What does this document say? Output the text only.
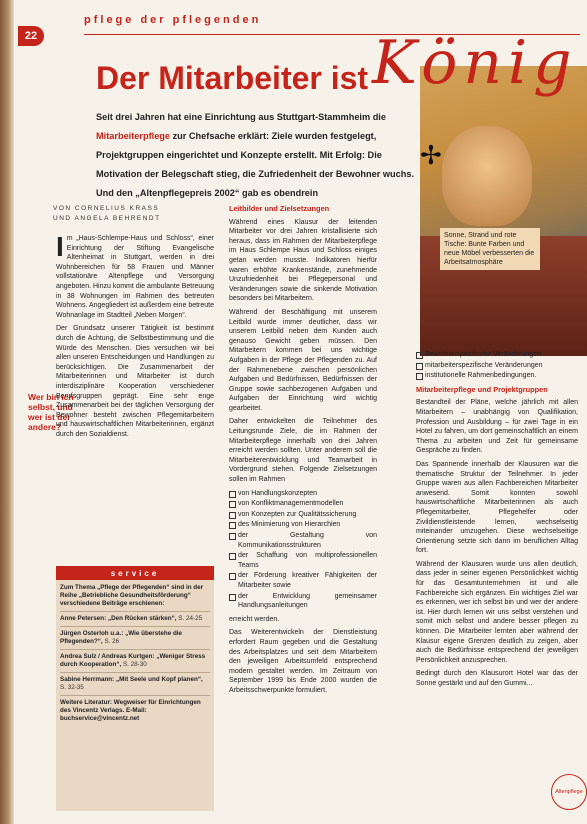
22
pflege der pflegenden
Der Mitarbeiter ist König
Sonne, Strand und rote Tische: Bunte Farben und neue Möbel verbesserten die Arbeitsatmosphäre
✢
Seit drei Jahren hat eine Einrichtung aus Stuttgart-Stammheim die Mitarbeiterpflege zur Chefsache erklärt: Ziele wurden festgelegt, Projektgruppen eingerichtet und Konzepte erstellt. Mit Erfolg: Die Motivation der Belegschaft stieg, die Zufriedenheit der Bewohner wuchs. Und den „Altenpflegepreis 2002“ gab es obendrein
VON CORNELIUS KRASS
UND ANGELA BEHRENDT
Wer bin ich selbst, und wer ist der andere?

Im „Haus-Schlempe-Haus und Schloss“, einer Einrichtung der Stiftung Evangelische Altenheimat in Stuttgart, werden in drei Wohnbereichen für 58 Frauen und Männer vollstationäre Altenpflege und Versorgung angeboten. Hinzu kommt die ambulante Betreuung in 38 Wohnungen im Rahmen des betreuten Wohnens. Angegliedert ist außerdem eine betreute Wohnanlage im Stadtteil „Neben Morgen“.

Der Grundsatz unserer Tätigkeit ist bestimmt durch die Achtung, die Selbstbestimmung und die Würde des Menschen. Dies versuchen wir bei allen unseren Entscheidungen und Handlungen zu berücksichtigen. Die Zusammenarbeit der Mitarbeiterinnen und Mitarbeiter ist durch interdisziplinäre Kooperation verschiedener Berufsgruppen geprägt. Eine sehr enge Zusammenarbeit bei der täglichen Versorgung der Bewohner besteht zwischen Pflegemitarbeitern und hauswirtschaftlichen Mitarbeiterinnen, ergänzt durch den Sozialdienst.

service
Zum Thema „Pflege der Pflegenden“ sind in der Reihe „Betriebliche Gesundheitsförderung“ verschiedene Beiträge erschienen:
Anne Petersen: „Den Rücken stärken“, S. 24-25
Jürgen Osterloh u.a.: „Wie überstehe die Pflegenden?“, S. 26
Andrea Sulz / Andreas Kurtgen: „Weniger Stress durch Kooperation“, S. 28-30
Sabine Herrmann: „Mit Seele und Kopf planen“, S. 32-35
Weitere Literatur: Wegweiser für Einrichtungen des Vincentz Verlags. E-Mail: buchservice@vincentz.net
Leitbilder und Zielsetzungen

Während eines Klausur der leitenden Mitarbeiter vor drei Jahren kristallisierte sich heraus, dass im Rahmen der Mitarbeiterpflege im Haus Schlempe Haus und Schloss einiges getan werden musste. Indikatoren hierfür waren erhöhte Krankenstände, zunehmende Unzufriedenheit bei Pflegepersonal und Veränderungen sowie die sinkende Motivation besonders bei Mitarbeitern.

Während der Beschäftigung mit unserem Leitbild wurde immer deutlicher, dass wir unserem Leitbild neben dem Kunden auch genauso Gewicht geben müssen. Den Mitarbeitern kommen bei uns wichtige Aufgaben in der Pflege der Pflegenden zu. Auf der Rahmenebene zwischen persönlichen Aufgaben und Bedürfnissen, Bedürfnissen der Gruppe sowie sachbezogenen Aufgaben und Aufgaben der Einrichtung wird wichtig gearbeitet.

Daher entwickelten die Teilnehmer des Leitungsrunde Ziele, die im Rahmen der Mitarbeiterpflege innerhalb von drei Jahren erreicht werden sollten. Unter anderem soll die Mitarbeiterentwicklung und Teamarbeit in Vordergrund stehen. Folgende Zielsetzungen sollen im Rahmen

von Handlungskonzepten
von Konfliktmanagementmodellen
von Konzepten zur Qualitätssicherung
des Minimierung von Hierarchien
der Gestaltung von Kommunikationsstrukturen
der Schaffung von multiprofessionellen Teams
der Förderung kreativer Fähigkeiten der Mitarbeiter sowie
der Entwicklung gemeinsamer Handlungsanleitungen

erreicht werden.

Das Weiterentwickeln der Dienstleistung erfordert Raum gegeben und die Gestaltung des Arbeitsplatzes und seit dem Mitarbeitern den jeweiligen Arbeitsumfeld entsprechend modern gestaltet werden. Im Zeitraum von September 1999 bis Ende 2000 wurden die Arbeitsschwerpunkte formuliert.

Bewohnerspezifische Veränderungen
mitarbeiterspezifische Veränderungen
institutionelle Rahmenbedingungen.
Mitarbeiterpflege und Projektgruppen

Bestandteil der Pläne, welche jährlich mit allen Mitarbeitern – unabhängig von Qualifikation, Profession und Ausbildung – für zwei Tage in ein Hotel zu fahren, um dort gemeinschaftlich an einem Thema zu arbeiten und Zeit für gemeinsame Gespräche zu finden.

Das Spannende innerhalb der Klausuren war die thematische Struktur der Teilnehmer. In jeder Gruppe waren aus allen Fachbereichen Mitarbeiter anwesend. Somit konnten sowohl hauswirtschaftliche Mitarbeiterinnen als auch Pflegemitarbeiter, Pflegehelfer oder Zivildienstleistende lernen, wechselseitig miteinander umzugehen. Diese wechselseitige Orientierung setzte sich dann im beruflichen Alltag fort.

Während der Klausuren wurde uns allen deutlich, dass jeder in seiner eigenen Persönlichkeit wichtig für das Gesamtunternehmen ist und alle Fachbereiche sich ergänzen. Ein wichtiges Ziel war es erkennen, wer ich selbst bin und wer der andere ist. Hier durch lernen wir uns selbst verstehen und somit mich selbst und andere besser pflegen zu können. Die Mitarbeiter lernten aber während der Klausur eigene Grenzen deutlich zu zeigen, aber auch die Bedürfnisse entsprechend der jeweiligen Persönlichkeit anzusprechen.

Bedingt durch den Klausurort Hotel war das der Sonne gestärkt und auf den Gummi...

Altenpflege
